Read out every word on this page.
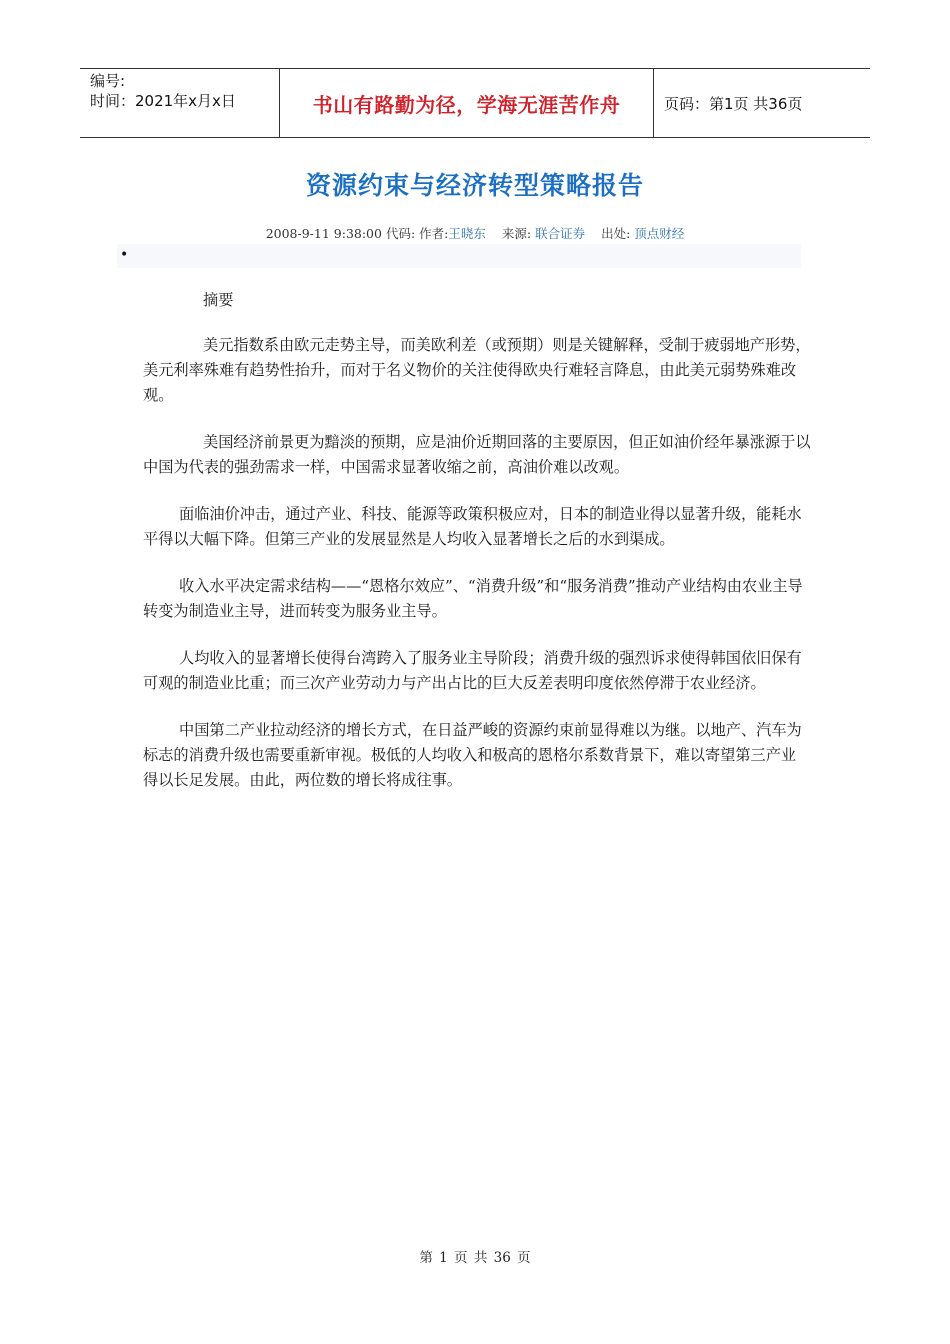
编号:
时间：2021年x月x日	书山有路勤为径，学海无涯苦作舟	页码：第1页 共36页
资源约束与经济转型策略报告
2008-9-11 9:38:00 代码: 作者:王晓东 来源: 联合证券 出处: 顶点财经
•

摘要

美元指数系由欧元走势主导，而美欧利差（或预期）则是关键解释，受制于疲弱地产形势，美元利率殊难有趋势性抬升，而对于名义物价的关注使得欧央行难轻言降息，由此美元弱势殊难改观。

美国经济前景更为黯淡的预期，应是油价近期回落的主要原因，但正如油价经年暴涨源于以中国为代表的强劲需求一样，中国需求显著收缩之前，高油价难以改观。

面临油价冲击，通过产业、科技、能源等政策积极应对，日本的制造业得以显著升级，能耗水平得以大幅下降。但第三产业的发展显然是人均收入显著增长之后的水到渠成。

收入水平决定需求结构——“恩格尔效应”、“消费升级”和“服务消费”推动产业结构由农业主导转变为制造业主导，进而转变为服务业主导。

人均收入的显著增长使得台湾跨入了服务业主导阶段；消费升级的强烈诉求使得韩国依旧保有可观的制造业比重；而三次产业劳动力与产出占比的巨大反差表明印度依然停滞于农业经济。

中国第二产业拉动经济的增长方式，在日益严峻的资源约束前显得难以为继。以地产、汽车为标志的消费升级也需要重新审视。极低的人均收入和极高的恩格尔系数背景下，难以寄望第三产业得以长足发展。由此，两位数的增长将成往事。

第 1 页 共 36 页
